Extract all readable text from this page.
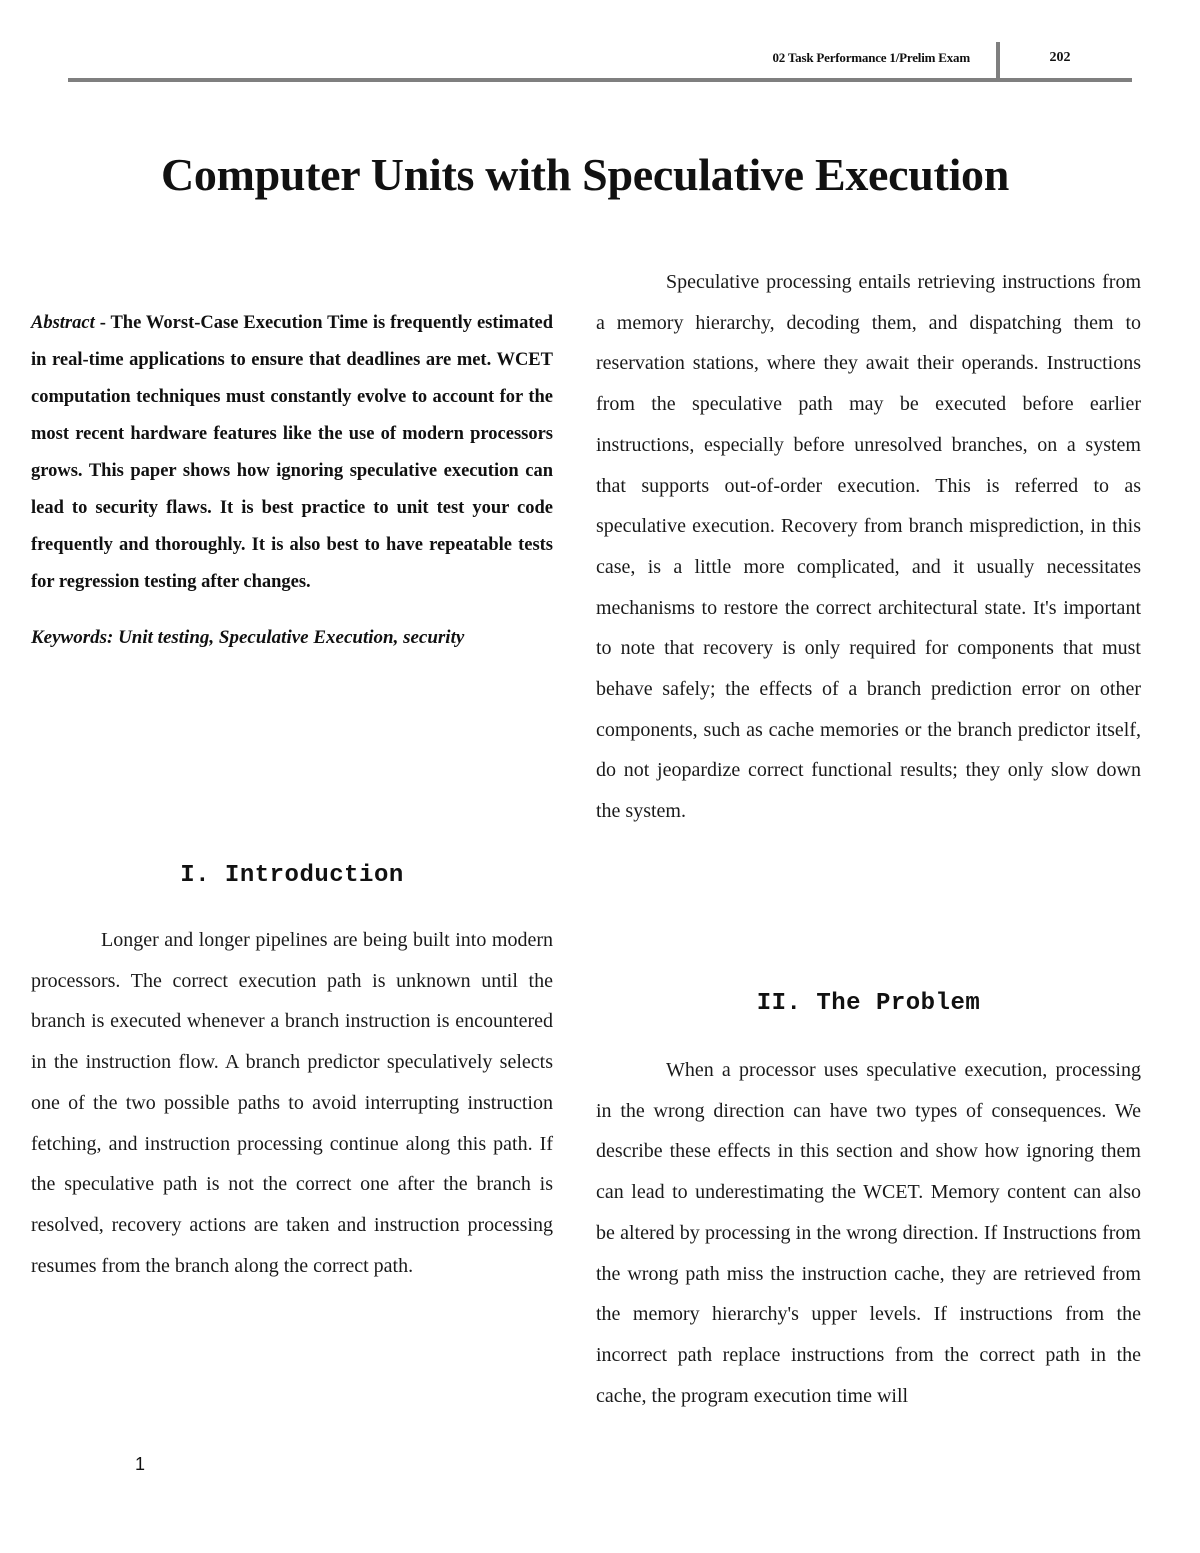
02 Task Performance 1/Prelim Exam	202
Computer Units with Speculative Execution

Abstract - The Worst-Case Execution Time is frequently estimated in real-time applications to ensure that deadlines are met. WCET computation techniques must constantly evolve to account for the most recent hardware features like the use of modern processors grows. This paper shows how ignoring speculative execution can lead to security flaws. It is best practice to unit test your code frequently and thoroughly. It is also best to have repeatable tests for regression testing after changes.

Keywords: Unit testing, Speculative Execution, security

I. Introduction

Longer and longer pipelines are being built into modern processors. The correct execution path is unknown until the branch is executed whenever a branch instruction is encountered in the instruction flow. A branch predictor speculatively selects one of the two possible paths to avoid interrupting instruction fetching, and instruction processing continue along this path. If the speculative path is not the correct one after the branch is resolved, recovery actions are taken and instruction processing resumes from the branch along the correct path.

Speculative processing entails retrieving instructions from a memory hierarchy, decoding them, and dispatching them to reservation stations, where they await their operands. Instructions from the speculative path may be executed before earlier instructions, especially before unresolved branches, on a system that supports out-of-order execution. This is referred to as speculative execution. Recovery from branch misprediction, in this case, is a little more complicated, and it usually necessitates mechanisms to restore the correct architectural state. It's important to note that recovery is only required for components that must behave safely; the effects of a branch prediction error on other components, such as cache memories or the branch predictor itself, do not jeopardize correct functional results; they only slow down the system.

II. The Problem

When a processor uses speculative execution, processing in the wrong direction can have two types of consequences. We describe these effects in this section and show how ignoring them can lead to underestimating the WCET. Memory content can also be altered by processing in the wrong direction. If Instructions from the wrong path miss the instruction cache, they are retrieved from the memory hierarchy's upper levels. If instructions from the incorrect path replace instructions from the correct path in the cache, the program execution time will

1
